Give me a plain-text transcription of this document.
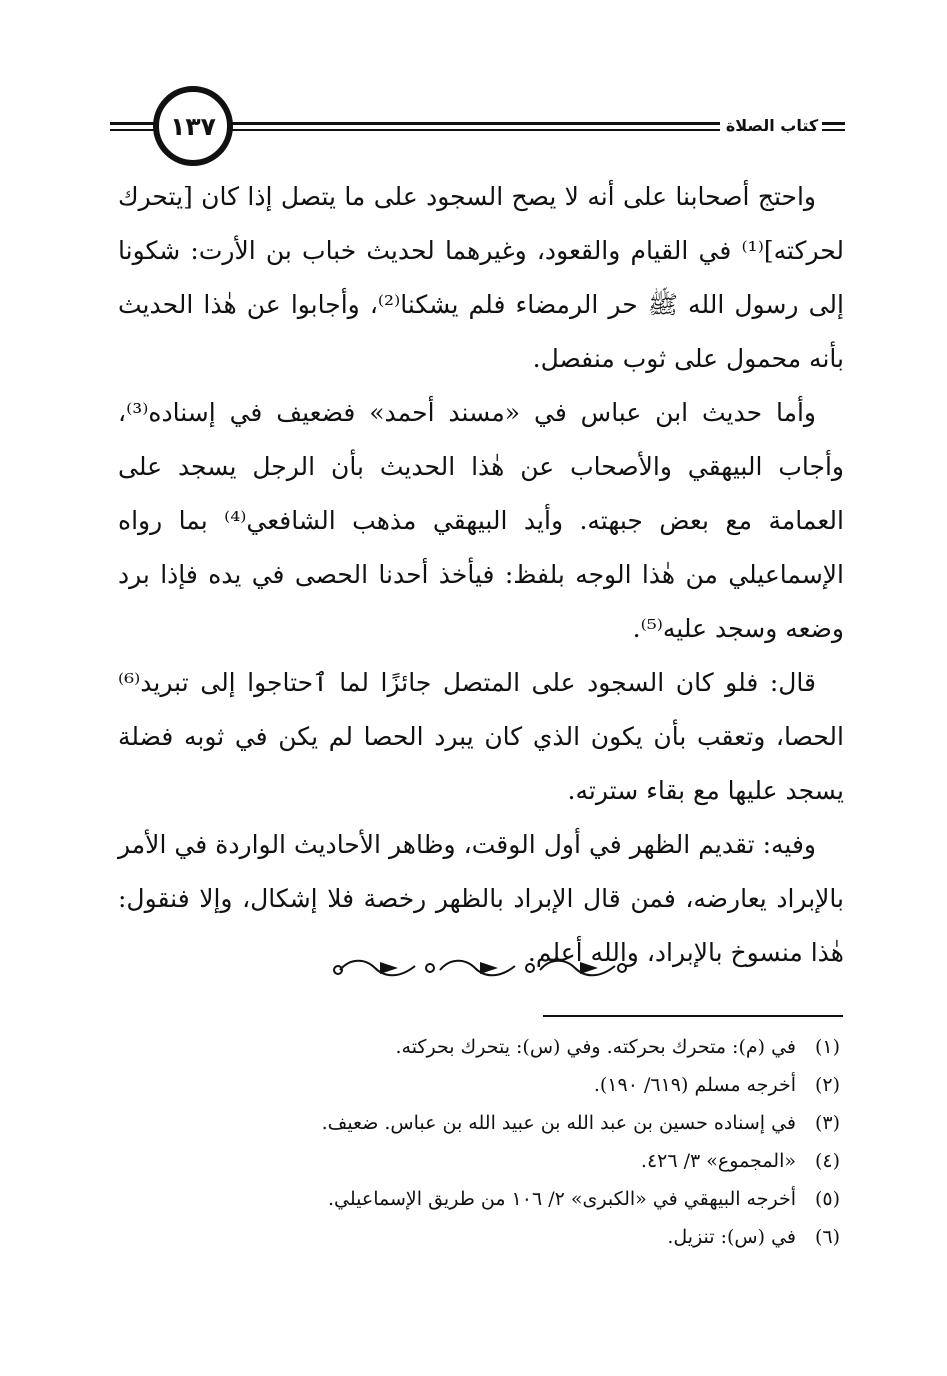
١٣٧	كتاب الصلاة

واحتج أصحابنا على أنه لا يصح السجود على ما يتصل إذا كان [يتحرك لحركته]⁽¹⁾ في القيام والقعود، وغيرهما لحديث خباب بن الأرت: شكونا إلى رسول الله ﷺ حر الرمضاء فلم يشكنا⁽²⁾، وأجابوا عن هٰذا الحديث بأنه محمول على ثوب منفصل.

وأما حديث ابن عباس في «مسند أحمد» فضعيف في إسناده⁽³⁾، وأجاب البيهقي والأصحاب عن هٰذا الحديث بأن الرجل يسجد على العمامة مع بعض جبهته. وأيد البيهقي مذهب الشافعي⁽⁴⁾ بما رواه الإسماعيلي من هٰذا الوجه بلفظ: فيأخذ أحدنا الحصى في يده فإذا برد وضعه وسجد عليه⁽⁵⁾.

قال: فلو كان السجود على المتصل جائزًا لما ٱحتاجوا إلى تبريد⁽⁶⁾ الحصا، وتعقب بأن يكون الذي كان يبرد الحصا لم يكن في ثوبه فضلة يسجد عليها مع بقاء سترته.

وفيه: تقديم الظهر في أول الوقت، وظاهر الأحاديث الواردة في الأمر بالإبراد يعارضه، فمن قال الإبراد بالظهر رخصة فلا إشكال، وإلا فنقول: هٰذا منسوخ بالإبراد، والله أعلم.

(١)في (م): متحرك بحركته. وفي (س): يتحرك بحركته.
(٢)أخرجه مسلم (٦١٩/ ١٩٠).
(٣)في إسناده حسين بن عبد الله بن عبيد الله بن عباس. ضعيف.
(٤)«المجموع» ٣/ ٤٢٦.
(٥)أخرجه البيهقي في «الكبرى» ٢/ ١٠٦ من طريق الإسماعيلي.
(٦)في (س): تنزيل.
